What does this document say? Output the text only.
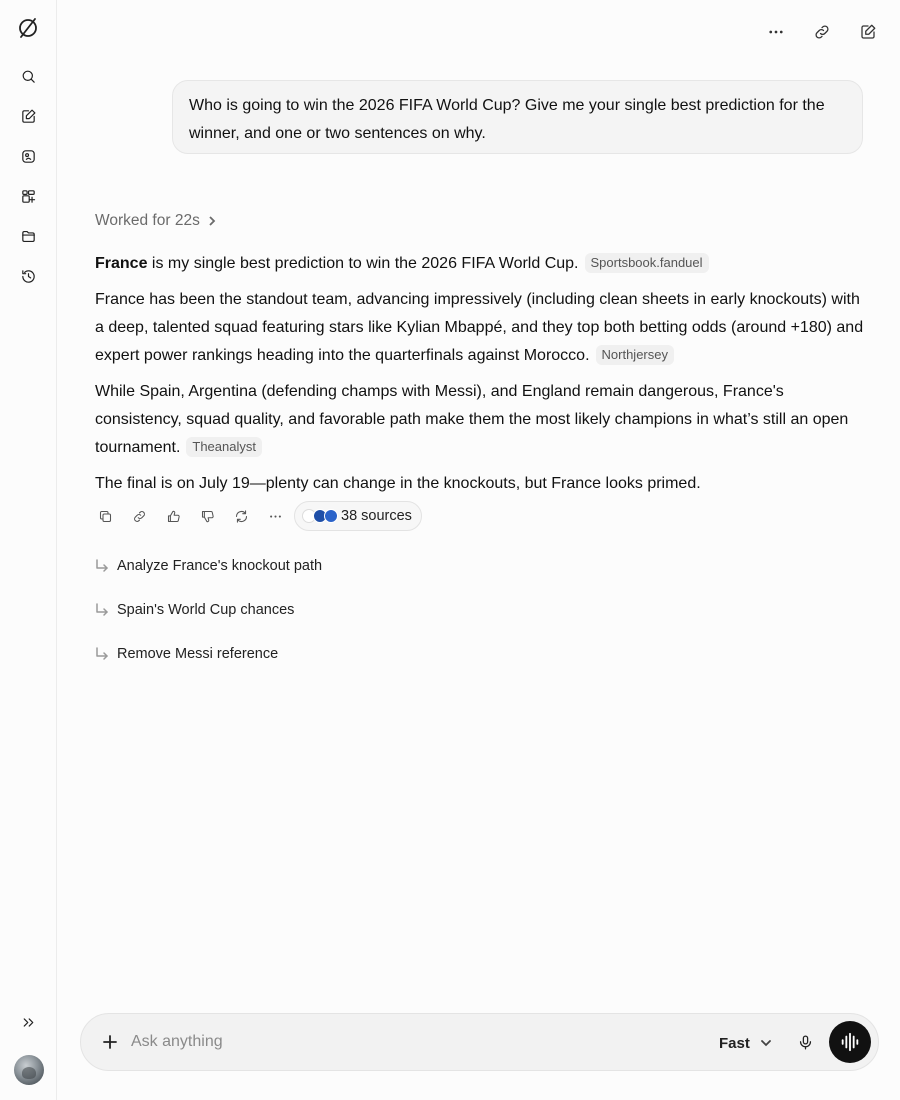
Who is going to win the 2026 FIFA World Cup? Give me your single best prediction for the winner, and one or two sentences on why.
Worked for 22s

France is my single best prediction to win the 2026 FIFA World Cup. Sportsbook.fanduel

France has been the standout team, advancing impressively (including clean sheets in early knockouts) with a deep, talented squad featuring stars like Kylian Mbappé, and they top both betting odds (around +180) and expert power rankings heading into the quarterfinals against Morocco. Northjersey

While Spain, Argentina (defending champs with Messi), and England remain dangerous, France's consistency, squad quality, and favorable path make them the most likely champions in what’s still an open tournament. Theanalyst

The final is on July 19—plenty can change in the knockouts, but France looks primed.

38 sources
Analyze France's knockout path
Spain's World Cup chances
Remove Messi reference
Ask anything
Fast
